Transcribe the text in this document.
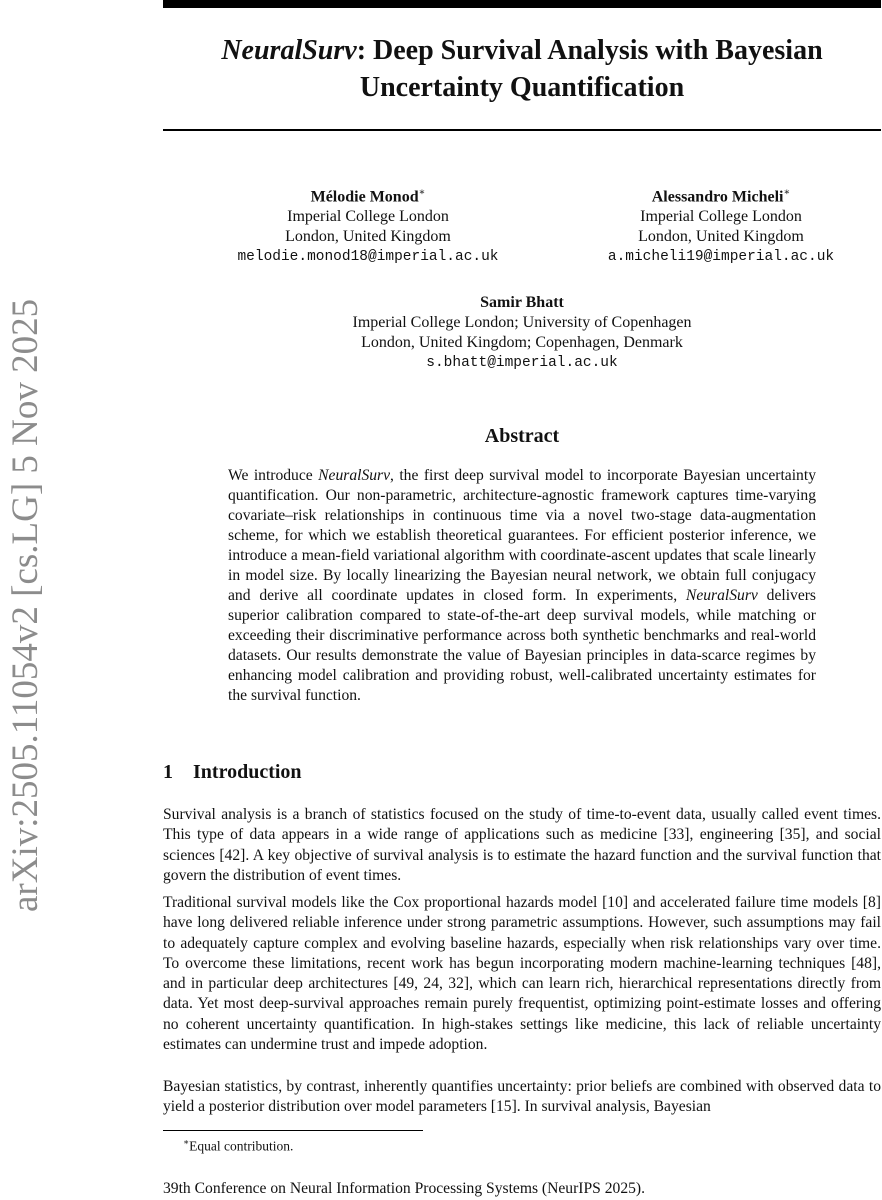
arXiv:2505.11054v2 [cs.LG] 5 Nov 2025
NeuralSurv: Deep Survival Analysis with Bayesian
Uncertainty Quantification
Mélodie Monod∗
Imperial College London
London, United Kingdom
melodie.monod18@imperial.ac.uk
Alessandro Micheli∗
Imperial College London
London, United Kingdom
a.micheli19@imperial.ac.uk
Samir Bhatt
Imperial College London; University of Copenhagen
London, United Kingdom; Copenhagen, Denmark
s.bhatt@imperial.ac.uk
Abstract
We introduce NeuralSurv, the first deep survival model to incorporate Bayesian uncertainty quantification. Our non-parametric, architecture-agnostic framework captures time-varying covariate–risk relationships in continuous time via a novel two-stage data-augmentation scheme, for which we establish theoretical guarantees. For efficient posterior inference, we introduce a mean-field variational algorithm with coordinate-ascent updates that scale linearly in model size. By locally linearizing the Bayesian neural network, we obtain full conjugacy and derive all coordinate updates in closed form. In experiments, NeuralSurv delivers superior calibration compared to state-of-the-art deep survival models, while matching or exceeding their discriminative performance across both synthetic benchmarks and real-world datasets. Our results demonstrate the value of Bayesian principles in data-scarce regimes by enhancing model calibration and providing robust, well-calibrated uncertainty estimates for the survival function.
1 Introduction
Survival analysis is a branch of statistics focused on the study of time-to-event data, usually called event times. This type of data appears in a wide range of applications such as medicine [33], engineering [35], and social sciences [42]. A key objective of survival analysis is to estimate the hazard function and the survival function that govern the distribution of event times.
Traditional survival models like the Cox proportional hazards model [10] and accelerated failure time models [8] have long delivered reliable inference under strong parametric assumptions. However, such assumptions may fail to adequately capture complex and evolving baseline hazards, especially when risk relationships vary over time. To overcome these limitations, recent work has begun incorporating modern machine-learning techniques [48], and in particular deep architectures [49, 24, 32], which can learn rich, hierarchical representations directly from data. Yet most deep-survival approaches remain purely frequentist, optimizing point-estimate losses and offering no coherent uncertainty quantification. In high-stakes settings like medicine, this lack of reliable uncertainty estimates can undermine trust and impede adoption.
Bayesian statistics, by contrast, inherently quantifies uncertainty: prior beliefs are combined with observed data to yield a posterior distribution over model parameters [15]. In survival analysis, Bayesian
∗Equal contribution.
39th Conference on Neural Information Processing Systems (NeurIPS 2025).
